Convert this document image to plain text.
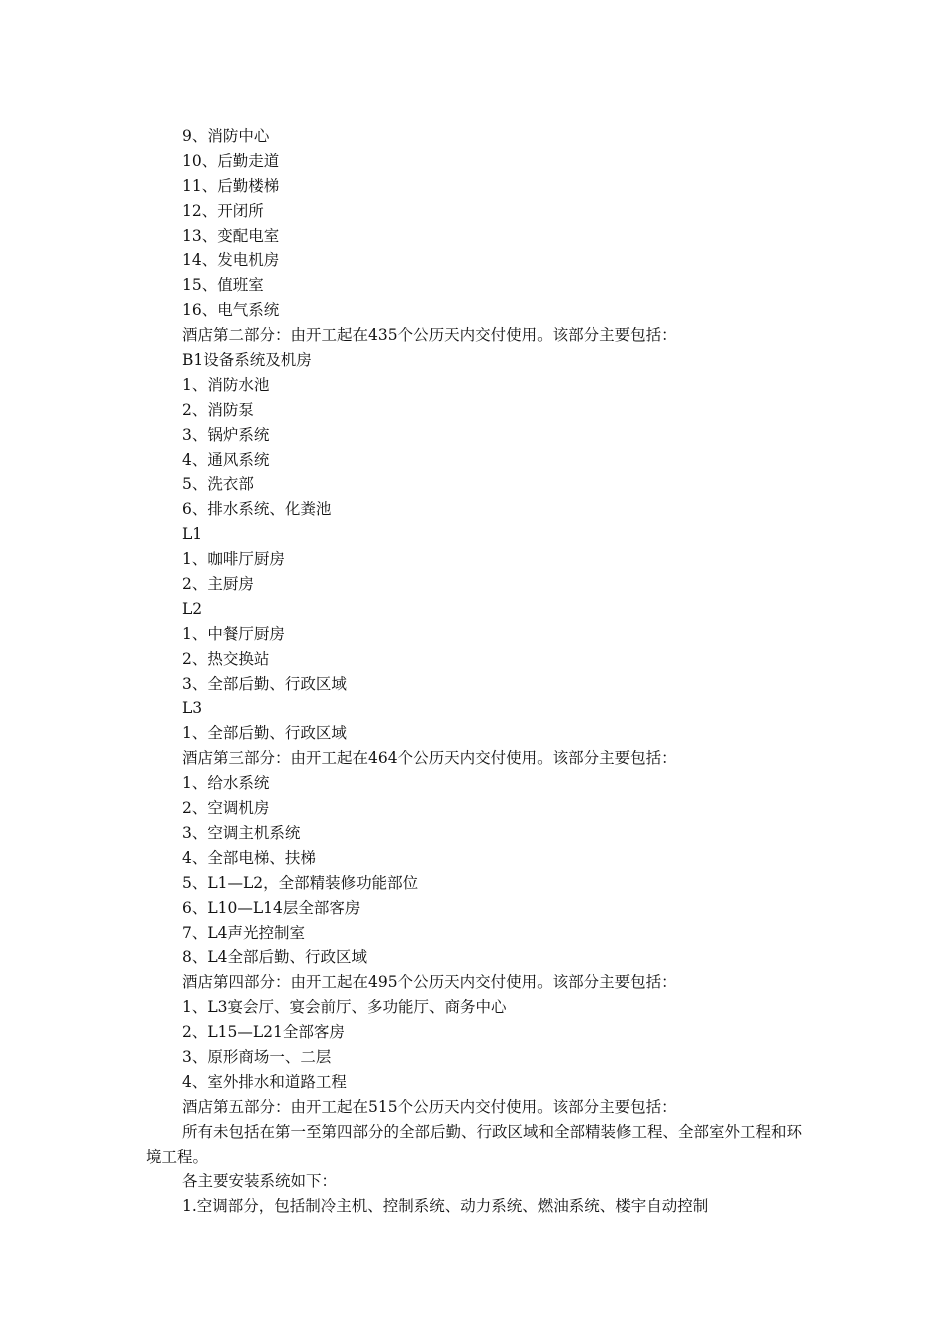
9、消防中心
10、后勤走道
11、后勤楼梯
12、开闭所
13、变配电室
14、发电机房
15、值班室
16、电气系统
酒店第二部分：由开工起在435个公历天内交付使用。该部分主要包括：
B1设备系统及机房
1、消防水池
2、消防泵
3、锅炉系统
4、通风系统
5、洗衣部
6、排水系统、化粪池
L1
1、咖啡厅厨房
2、主厨房
L2
1、中餐厅厨房
2、热交换站
3、全部后勤、行政区域
L3
1、全部后勤、行政区域
酒店第三部分：由开工起在464个公历天内交付使用。该部分主要包括：
1、给水系统
2、空调机房
3、空调主机系统
4、全部电梯、扶梯
5、L1—L2，全部精装修功能部位
6、L10—L14层全部客房
7、L4声光控制室
8、L4全部后勤、行政区域
酒店第四部分：由开工起在495个公历天内交付使用。该部分主要包括：
1、L3宴会厅、宴会前厅、多功能厅、商务中心
2、L15—L21全部客房
3、原形商场一、二层
4、室外排水和道路工程
酒店第五部分：由开工起在515个公历天内交付使用。该部分主要包括：
所有未包括在第一至第四部分的全部后勤、行政区域和全部精装修工程、全部室外工程和环境工程。
各主要安装系统如下：
1.空调部分，包括制冷主机、控制系统、动力系统、燃油系统、楼宇自动控制
